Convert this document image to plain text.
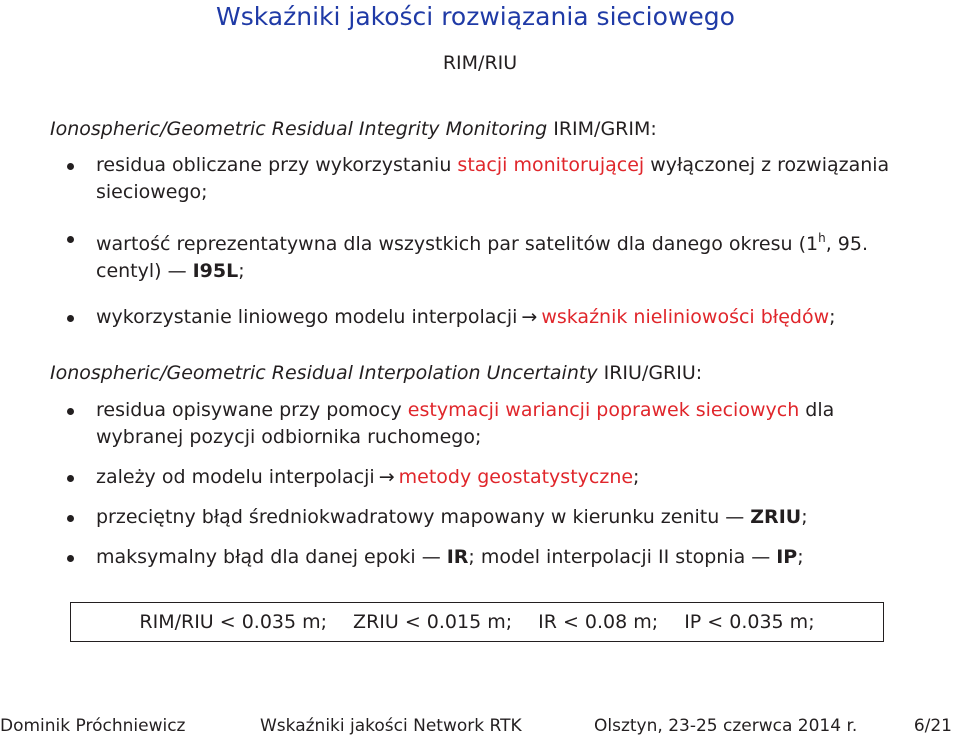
Wskaźniki jakości rozwiązania sieciowego
RIM/RIU
Ionospheric/Geometric Residual Integrity Monitoring IRIM/GRIM:
residua obliczane przy wykorzystaniu stacji monitorującej wyłączonej z rozwiązania sieciowego;
wartość reprezentatywna dla wszystkich par satelitów dla danego okresu (1$^h$, 95. centyl) — I95L;
wykorzystanie liniowego modelu interpolacji → wskaźnik nieliniowości błędów;
Ionospheric/Geometric Residual Interpolation Uncertainty IRIU/GRIU:
residua opisywane przy pomocy estymacji wariancji poprawek sieciowych dla wybranej pozycji odbiornika ruchomego;
zależy od modelu interpolacji → metody geostatystyczne;
przeciętny błąd średniokwadratowy mapowany w kierunku zenitu — ZRIU;
maksymalny błąd dla danej epoki — IR; model interpolacji II stopnia — IP;
RIM/RIU < 0.035 m; ZRIU < 0.015 m; IR < 0.08 m; IP < 0.035 m;
Dominik Próchniewicz	Wskaźniki jakości Network RTK	Olsztyn, 23-25 czerwca 2014 r.	6/21
